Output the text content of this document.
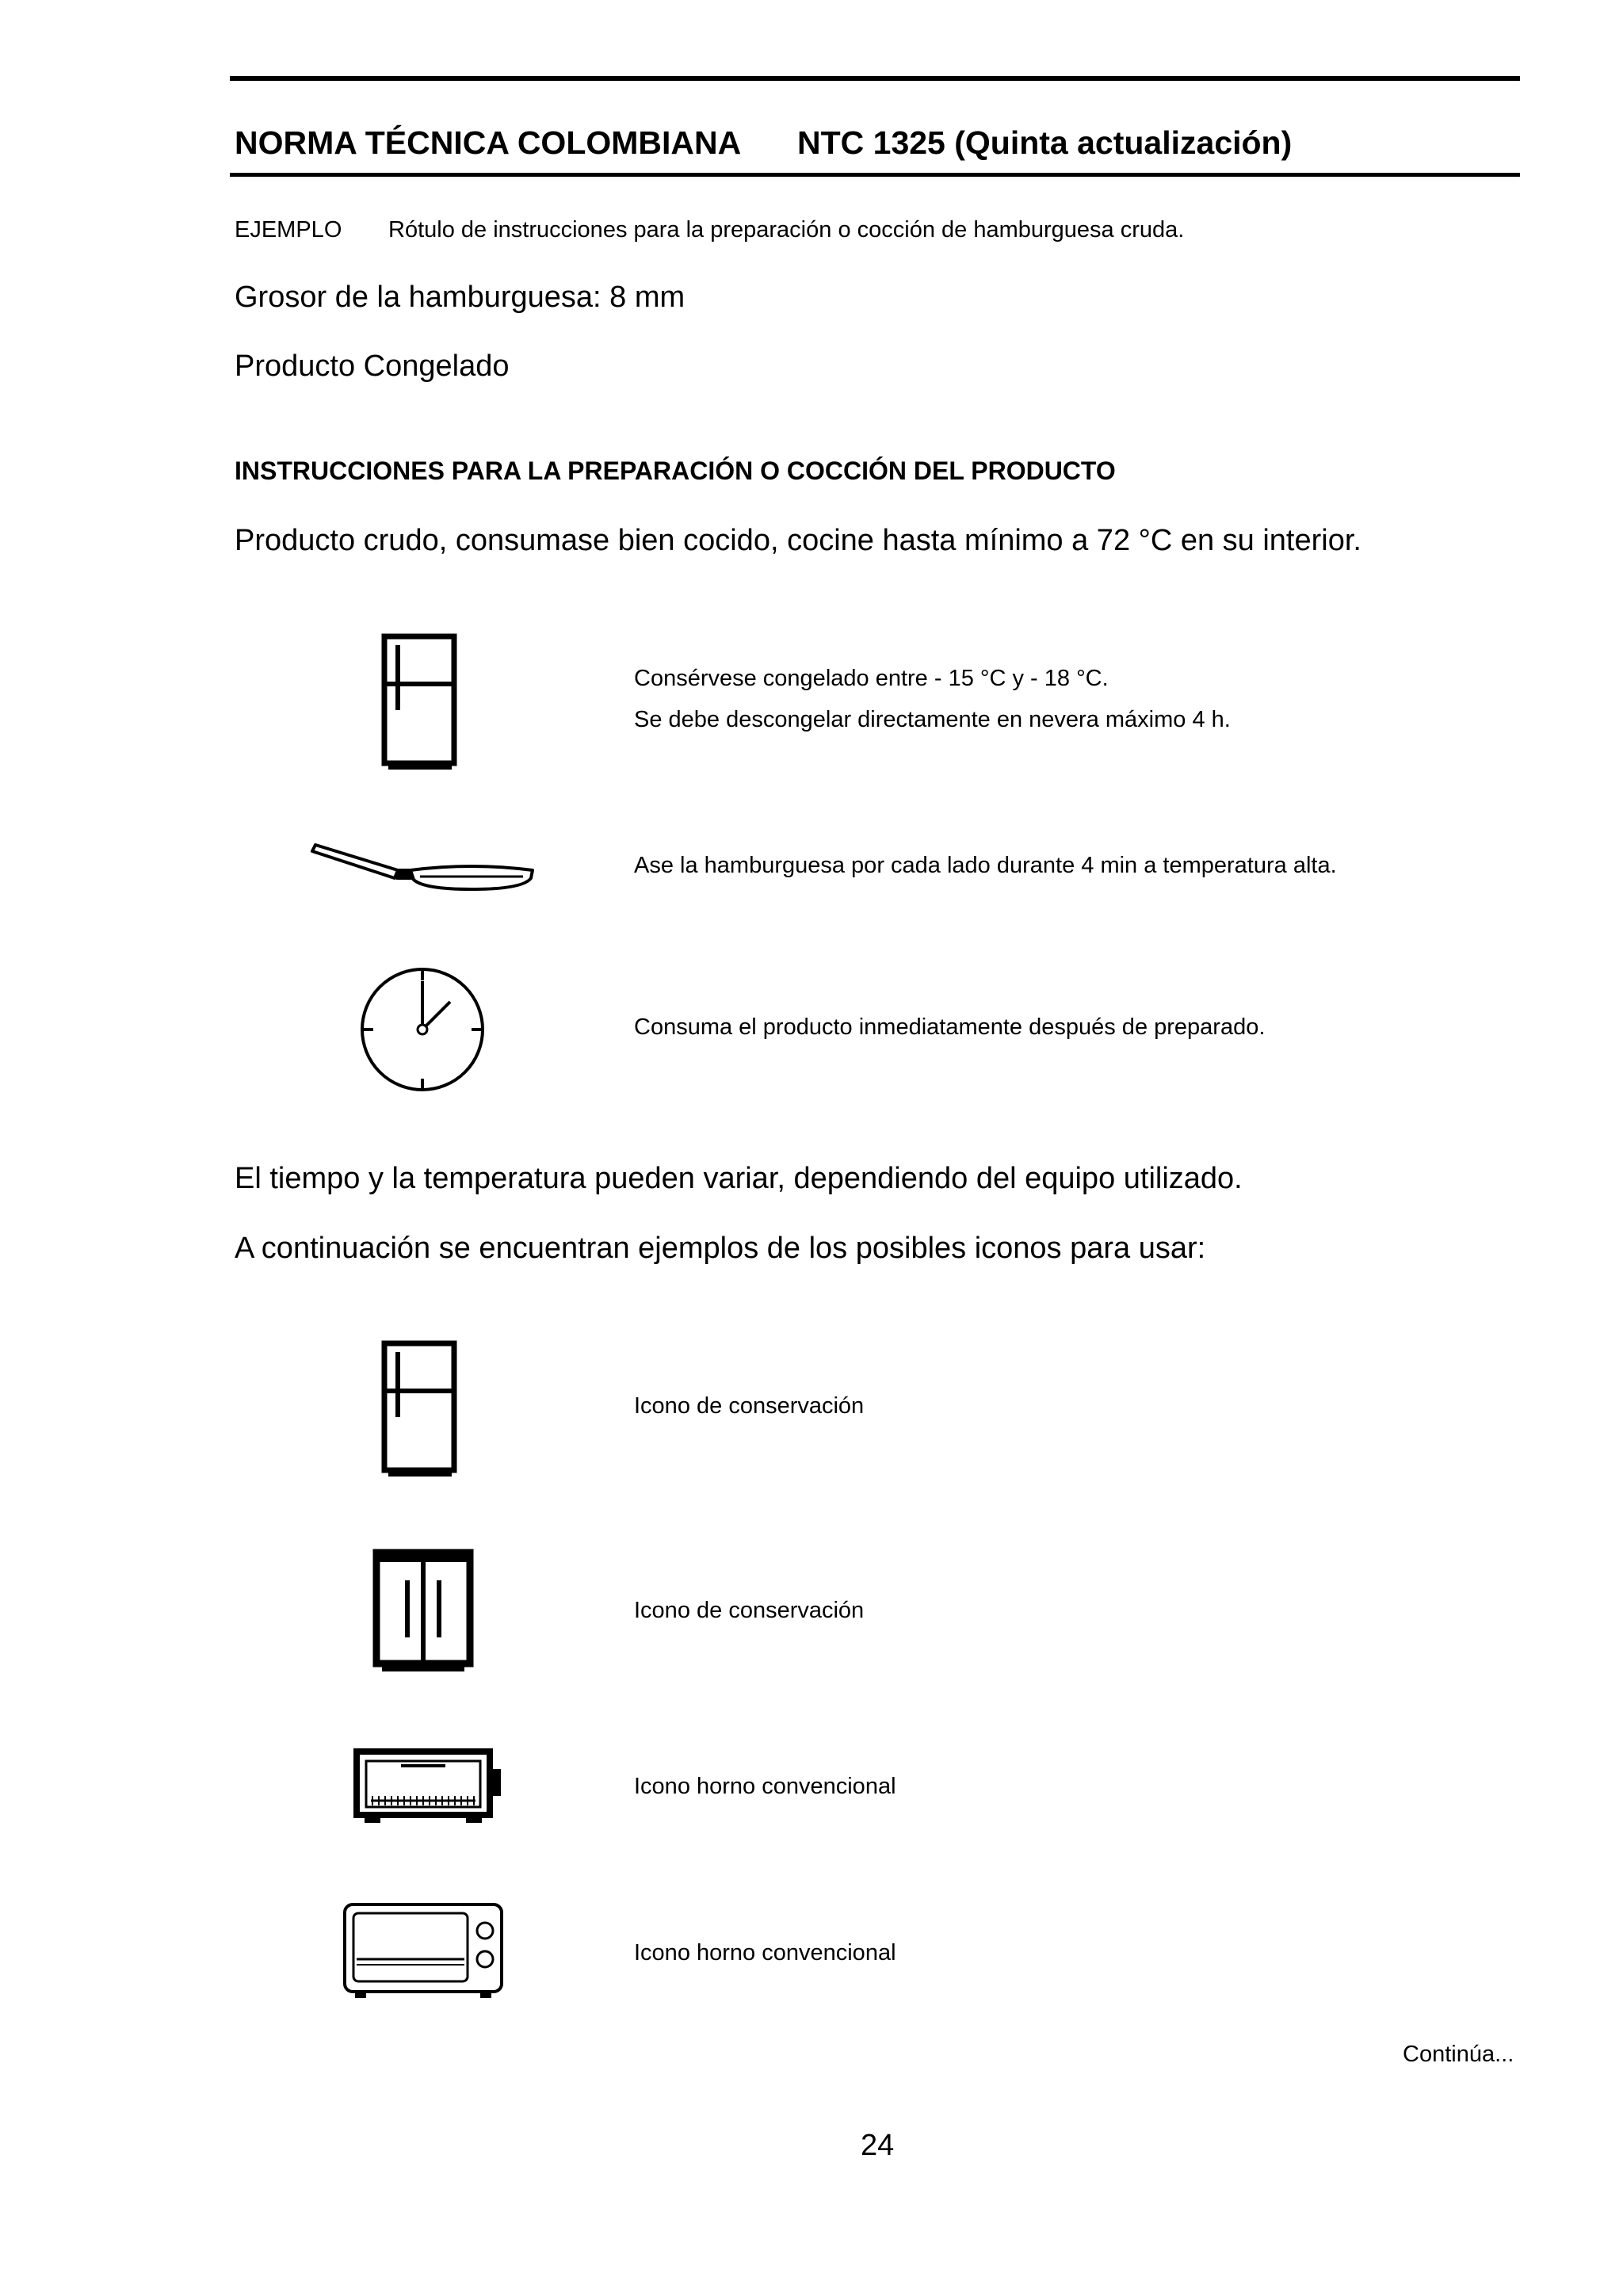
NORMA TÉCNICA COLOMBIANA NTC 1325 (Quinta actualización)
EJEMPLO Rótulo de instrucciones para la preparación o cocción de hamburguesa cruda.
Grosor de la hamburguesa: 8 mm
Producto Congelado
INSTRUCCIONES PARA LA PREPARACIÓN O COCCIÓN DEL PRODUCTO
Producto crudo, consumase bien cocido, cocine hasta mínimo a 72 °C en su interior.
Consérvese congelado entre - 15 °C y - 18 °C.
Se debe descongelar directamente en nevera máximo 4 h.
Ase la hamburguesa por cada lado durante 4 min a temperatura alta.
Consuma el producto inmediatamente después de preparado.
El tiempo y la temperatura pueden variar, dependiendo del equipo utilizado.
A continuación se encuentran ejemplos de los posibles iconos para usar:
Icono de conservación
Icono de conservación
Icono horno convencional
Icono horno convencional
Continúa...
24
